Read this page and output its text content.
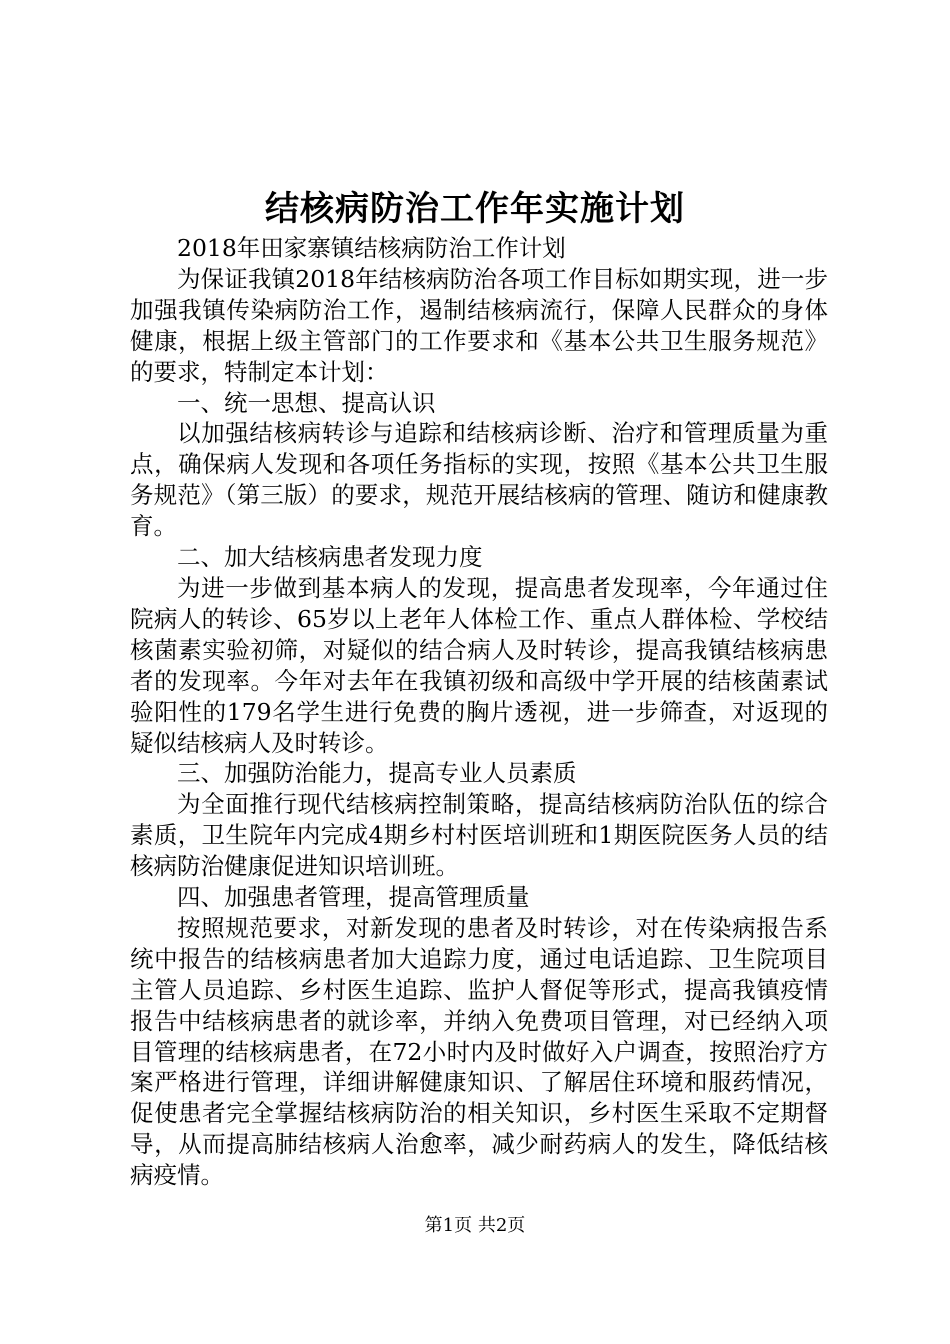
结核病防治工作年实施计划

2018年田家寨镇结核病防治工作计划

为保证我镇2018年结核病防治各项工作目标如期实现，进一步加强我镇传染病防治工作，遏制结核病流行，保障人民群众的身体健康，根据上级主管部门的工作要求和《基本公共卫生服务规范》的要求，特制定本计划：

一、统一思想、提高认识

以加强结核病转诊与追踪和结核病诊断、治疗和管理质量为重点，确保病人发现和各项任务指标的实现，按照《基本公共卫生服务规范》（第三版）的要求，规范开展结核病的管理、随访和健康教育。

二、加大结核病患者发现力度

为进一步做到基本病人的发现，提高患者发现率，今年通过住院病人的转诊、65岁以上老年人体检工作、重点人群体检、学校结核菌素实验初筛，对疑似的结合病人及时转诊，提高我镇结核病患者的发现率。今年对去年在我镇初级和高级中学开展的结核菌素试验阳性的179名学生进行免费的胸片透视，进一步筛查，对返现的疑似结核病人及时转诊。

三、加强防治能力，提高专业人员素质

为全面推行现代结核病控制策略，提高结核病防治队伍的综合素质，卫生院年内完成4期乡村村医培训班和1期医院医务人员的结核病防治健康促进知识培训班。

四、加强患者管理，提高管理质量

按照规范要求，对新发现的患者及时转诊，对在传染病报告系统中报告的结核病患者加大追踪力度，通过电话追踪、卫生院项目主管人员追踪、乡村医生追踪、监护人督促等形式，提高我镇疫情报告中结核病患者的就诊率，并纳入免费项目管理，对已经纳入项目管理的结核病患者，在72小时内及时做好入户调查，按照治疗方案严格进行管理，详细讲解健康知识、了解居住环境和服药情况，促使患者完全掌握结核病防治的相关知识，乡村医生采取不定期督导，从而提高肺结核病人治愈率，减少耐药病人的发生，降低结核病疫情。

第1页 共2页
